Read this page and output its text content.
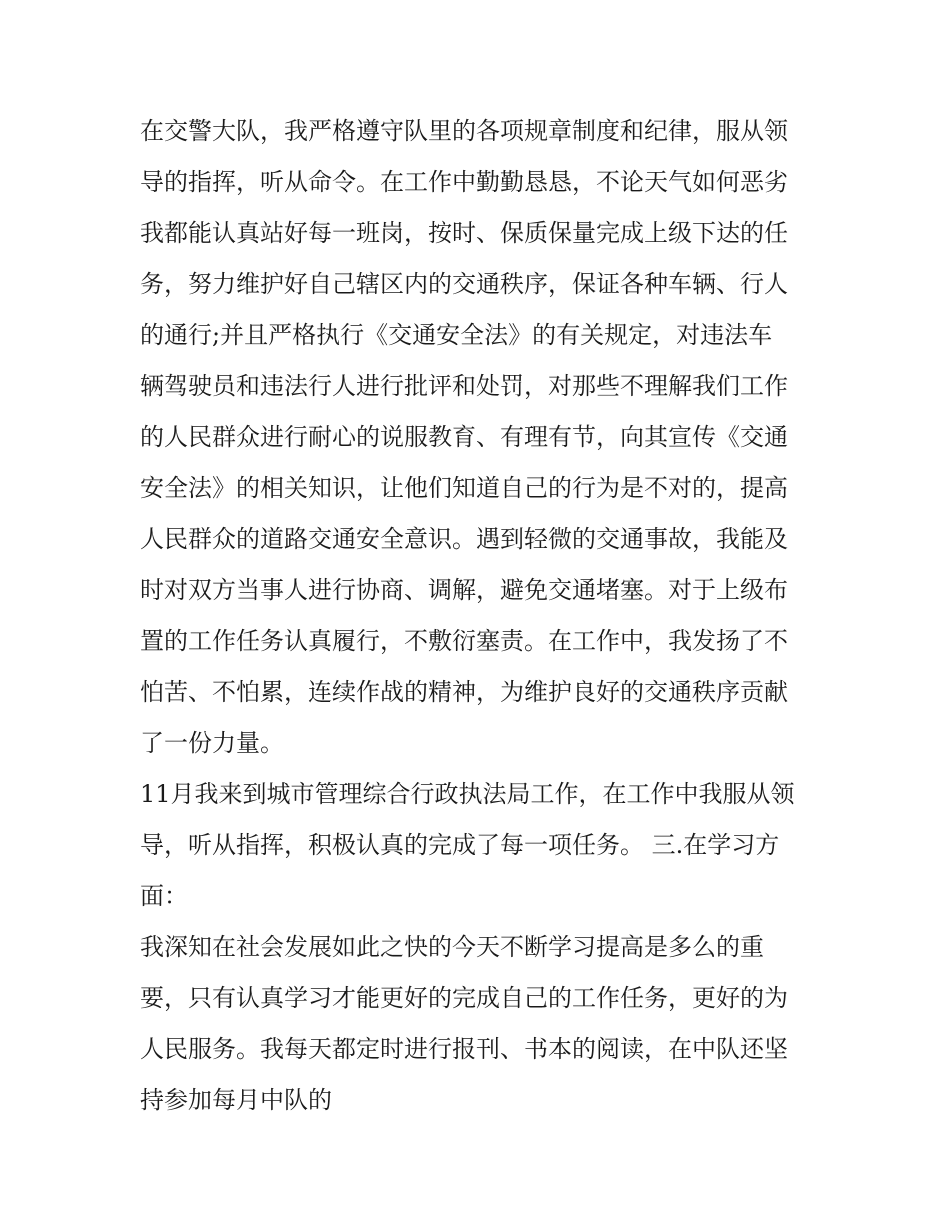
在交警大队，我严格遵守队里的各项规章制度和纪律，服从领
导的指挥，听从命令。在工作中勤勤恳恳，不论天气如何恶劣
我都能认真站好每一班岗，按时、保质保量完成上级下达的任
务，努力维护好自己辖区内的交通秩序，保证各种车辆、行人
的通行;并且严格执行《交通安全法》的有关规定，对违法车
辆驾驶员和违法行人进行批评和处罚，对那些不理解我们工作
的人民群众进行耐心的说服教育、有理有节，向其宣传《交通
安全法》的相关知识，让他们知道自己的行为是不对的，提高
人民群众的道路交通安全意识。遇到轻微的交通事故，我能及
时对双方当事人进行协商、调解，避免交通堵塞。对于上级布
置的工作任务认真履行，不敷衍塞责。在工作中，我发扬了不
怕苦、不怕累，连续作战的精神，为维护良好的交通秩序贡献
了一份力量。
11月我来到城市管理综合行政执法局工作，在工作中我服从领
导，听从指挥，积极认真的完成了每一项任务。 三.在学习方
面：
我深知在社会发展如此之快的今天不断学习提高是多么的重
要，只有认真学习才能更好的完成自己的工作任务，更好的为
人民服务。我每天都定时进行报刊、书本的阅读，在中队还坚
持参加每月中队的
